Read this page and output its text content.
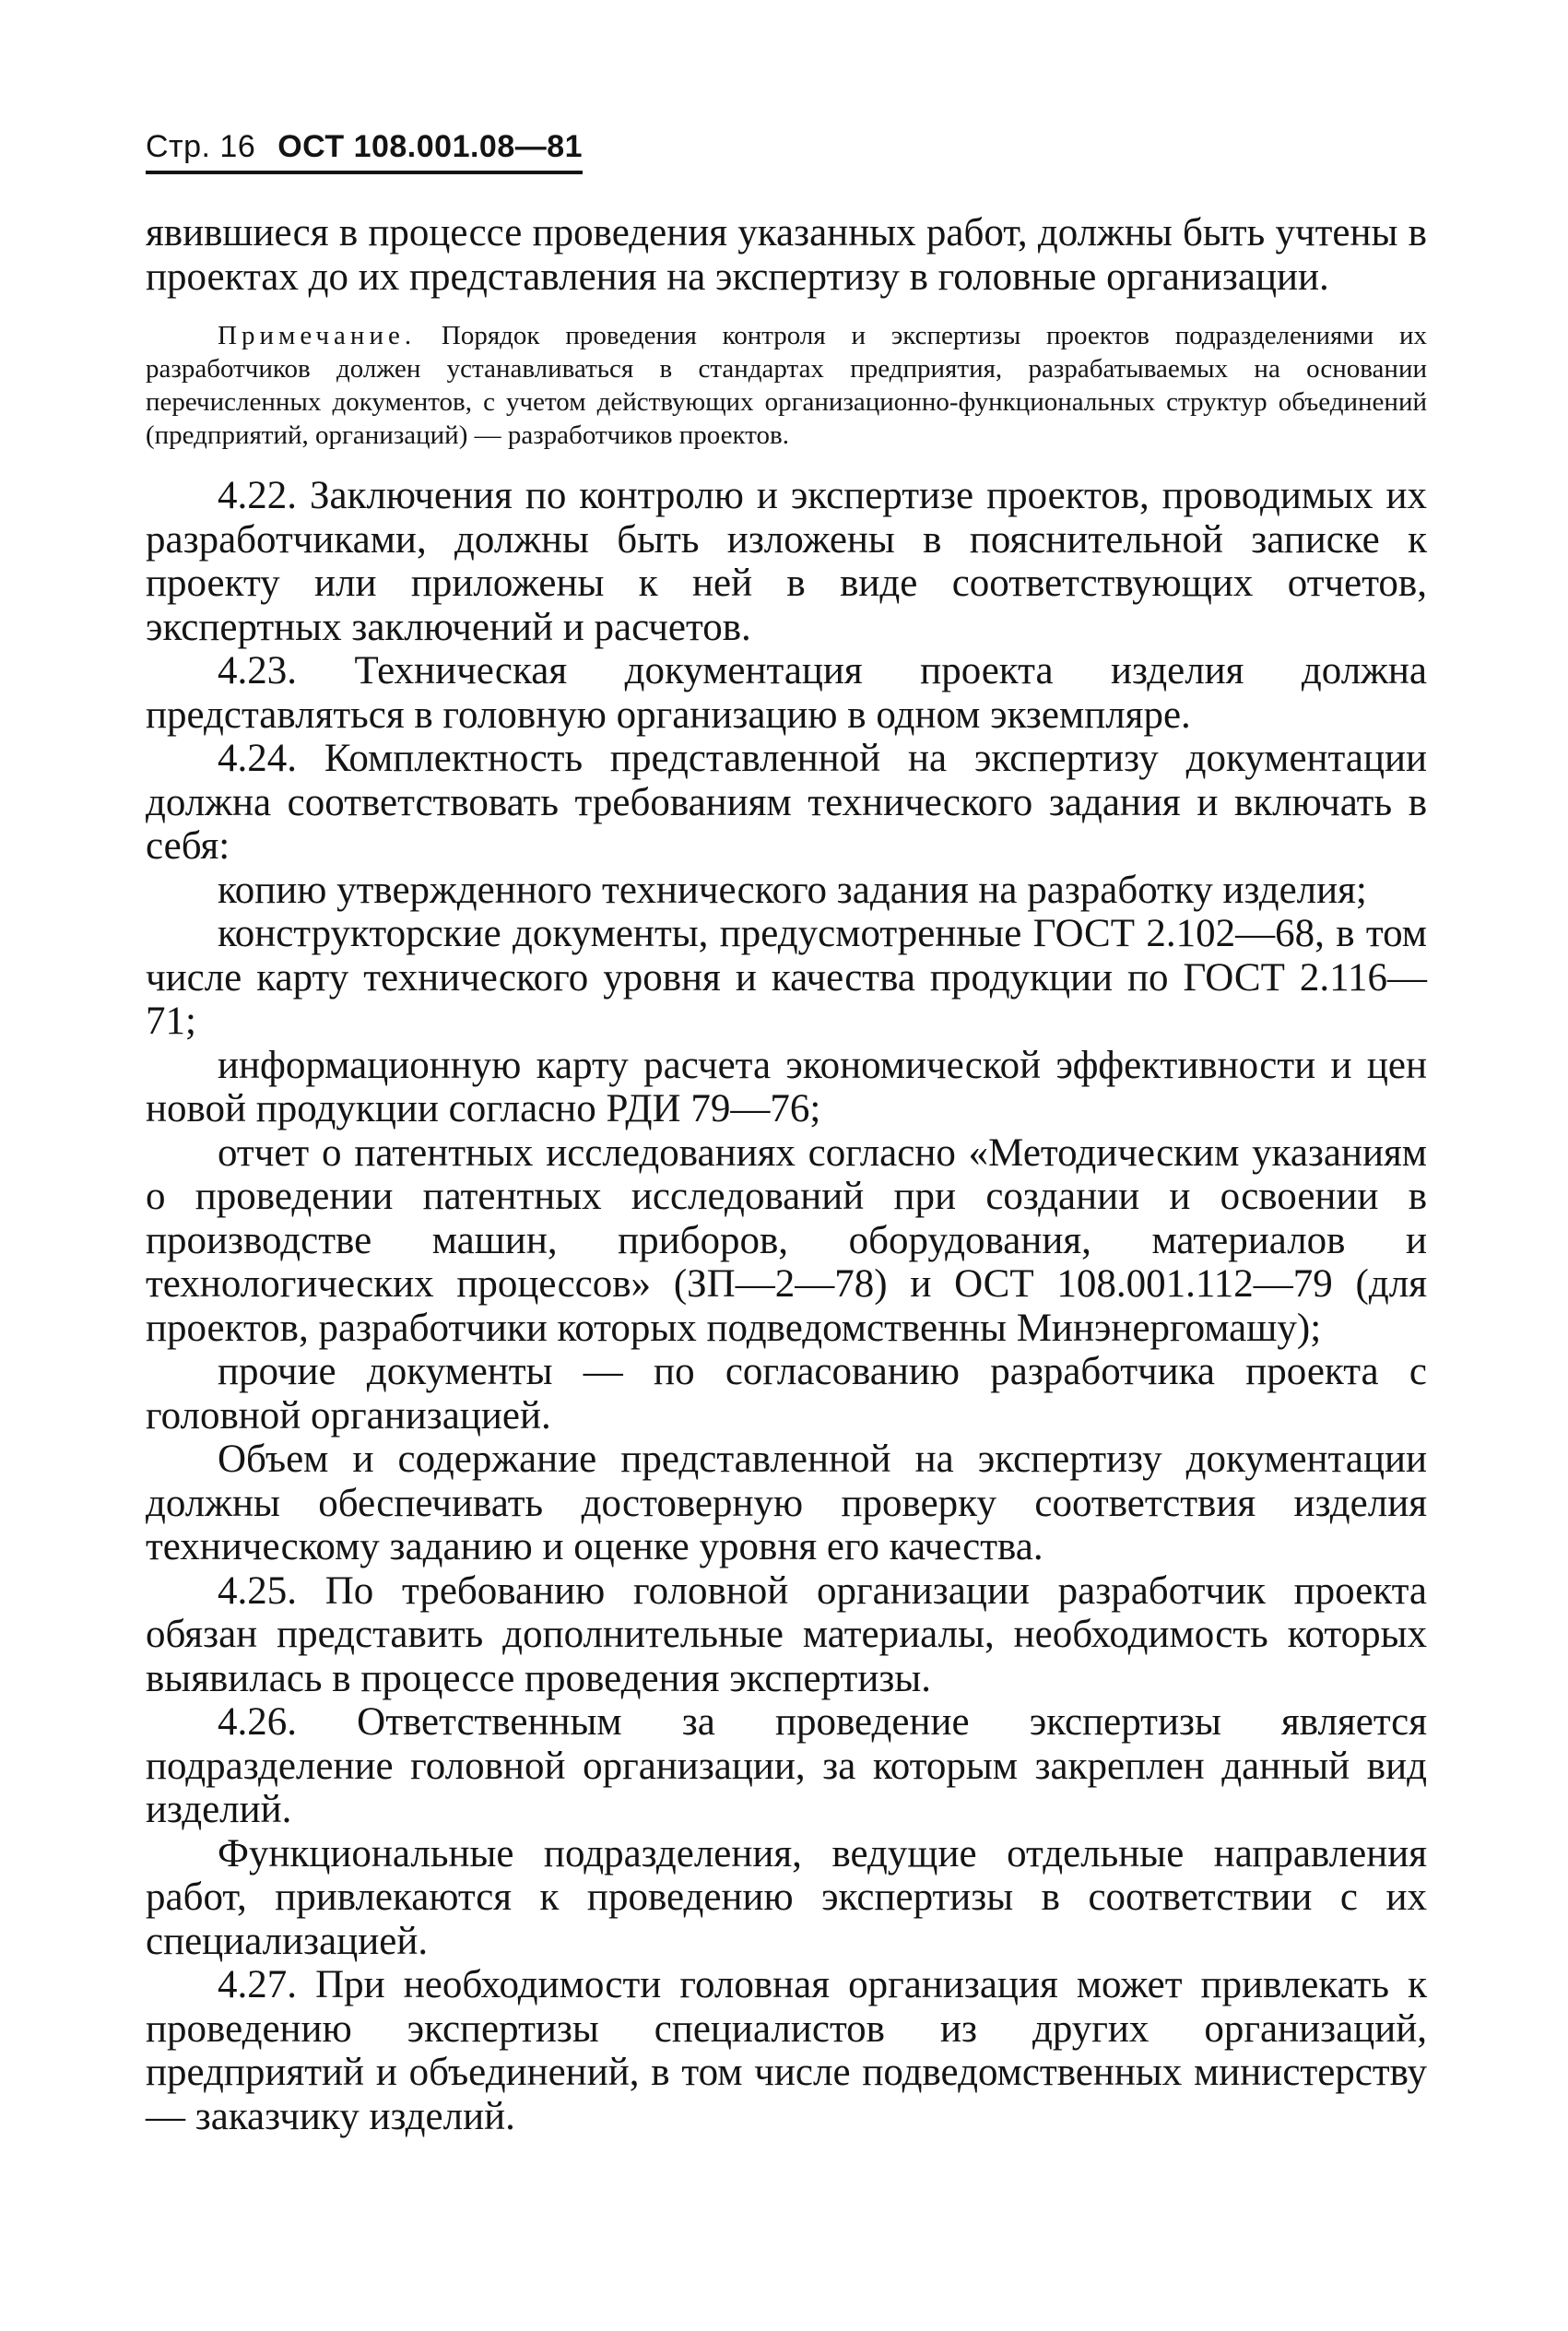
Стр. 16 ОСТ 108.001.08—81

явившиеся в процессе проведения указанных работ, должны быть учтены в проектах до их представления на экспертизу в головные организации.

Примечание. Порядок проведения контроля и экспертизы проектов подразделениями их разработчиков должен устанавливаться в стандартах предприятия, разрабатываемых на основании перечисленных документов, с учетом действующих организационно-функциональных структур объединений (предприятий, организаций) — разработчиков проектов.

4.22. Заключения по контролю и экспертизе проектов, проводимых их разработчиками, должны быть изложены в пояснительной записке к проекту или приложены к ней в виде соответствующих отчетов, экспертных заключений и расчетов.

4.23. Техническая документация проекта изделия должна представляться в головную организацию в одном экземпляре.

4.24. Комплектность представленной на экспертизу документации должна соответствовать требованиям технического задания и включать в себя:

копию утвержденного технического задания на разработку изделия;

конструкторские документы, предусмотренные ГОСТ 2.102—68, в том числе карту технического уровня и качества продукции по ГОСТ 2.116—71;

информационную карту расчета экономической эффективности и цен новой продукции согласно РДИ 79—76;

отчет о патентных исследованиях согласно «Методическим указаниям о проведении патентных исследований при создании и освоении в производстве машин, приборов, оборудования, материалов и технологических процессов» (ЗП—2—78) и ОСТ 108.001.112—79 (для проектов, разработчики которых подведомственны Минэнергомашу);

прочие документы — по согласованию разработчика проекта с головной организацией.

Объем и содержание представленной на экспертизу документации должны обеспечивать достоверную проверку соответствия изделия техническому заданию и оценке уровня его качества.

4.25. По требованию головной организации разработчик проекта обязан представить дополнительные материалы, необходимость которых выявилась в процессе проведения экспертизы.

4.26. Ответственным за проведение экспертизы является подразделение головной организации, за которым закреплен данный вид изделий.

Функциональные подразделения, ведущие отдельные направления работ, привлекаются к проведению экспертизы в соответствии с их специализацией.

4.27. При необходимости головная организация может привлекать к проведению экспертизы специалистов из других организаций, предприятий и объединений, в том числе подведомственных министерству — заказчику изделий.
